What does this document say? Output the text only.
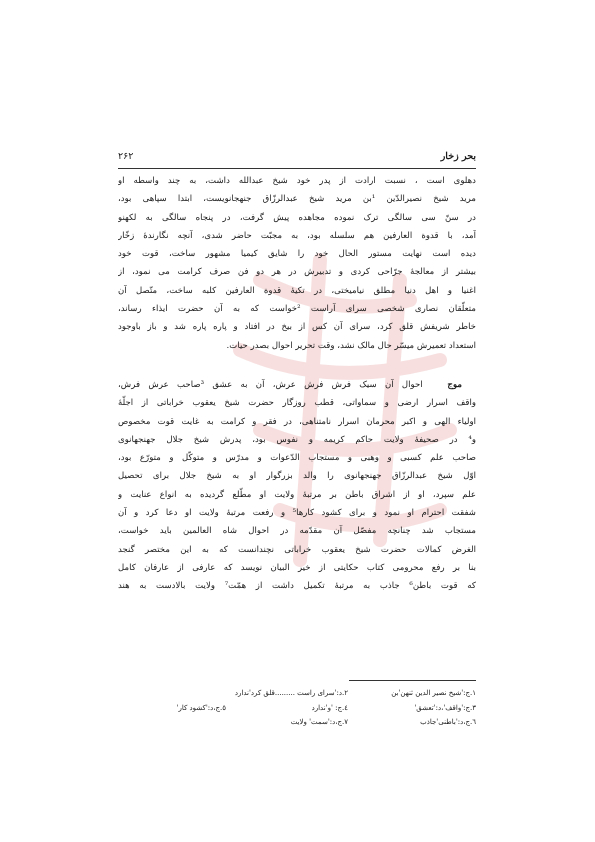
بحر زخار
۲۶۲
دهلوی است ، نسبت ارادت از پدر خود شیخ عبدالله داشت، به چند واسطه او
مرید شیخ نصیرالدّین ¹بن مرید شیخ عبدالرزّاق جنهجانویست، ابتدا سپاهی بود،
در سنّ سی سالگی ترک نموده مجاهده پیش گرفت، در پنجاه سالگی به لکهنو
آمد، با قدوة العارفین هم سلسله بود، به مجبّت حاضر شدی، آنچه نگارندهٔ زخّار
دیده است نهایت مستور الحال خود را شایق کیمیا مشهور ساخت، قوت خود
بیشتر از معالجهٔ جرّاحی کردی و تدبیرش در هر دو فن صرف کرامت می نمود، از
اغنیا و اهل دنیا مطلق نیامیختی، در تکیهٔ قدوة العارفین کلبه ساخت، متّصل آن
متعلّقان نصاری شخصی سرای آراست ²خواست که به آن حضرت ایذاء رساند،
خاطر شریفش قلق کرد، سرای آن کس از بیخ در افتاد و پاره پاره شد و باز باوجود
استعداد تعمیرش میسّر حال مالک نشد، وقت تحریر احوال بصدر حیات.
موج   احوال آن سیک فرش فرش عرش، آن به عشق ³صاحب عرش فرش،
واقف اسرار ارضی و سماواتی، قطب روزگار حضرت شیخ یعقوب خراباتی از اجلّهٔ
اولیاء الهی و اکبر محرمان اسرار نامتناهی، در فقر و کرامت به غایت قوت مخصوص
و⁴ در صحیفهٔ ولایت حاکم کریمه و نفوس بود، پدرش شیخ جلال جهنجهانوی
صاحب علم کسبی و وهبی و مستجاب الدّعوات و مدرّس و متوکّل و متورّع بود،
اوّل شیخ عبدالرزّاق جهنجهانوی را والد بزرگوار او به شیخ جلال برای تحصیل
علم سپرد، او از اشراق باطن بر مرتبهٔ ولایت او مطّلع گردیده به انواع عنایت و
شفقت احترام او نمود و برای کشود کارها⁵ و رفعت مرتبهٔ ولایت او دعا کرد و آن
مستجاب شد چنانچه مفصّل آن مقدّمه در احوال شاه العالمین باید خواست،
الغرض کمالات حضرت شیخ یعقوب خراباتی نچندانست که به این مختصر گنجد
بنا بر رفع محرومی کتاب حکایتی از خیر البیان نویسد که عارفی از عارفان کامل
که قوت باطن⁶ جاذب به مرتبهٔ تکمیل داشت از همّت⁷ ولایت بالادست به هند
۱.ج:'شیخ نصیر الدین ثنهن'بن
۲.د:'سرای راست .........قلق کرد'ندارد
۳.ج:'واقف'،د:'تعشق'
٤.ج: 'و'ندارد
٥.ج،د:'کشود کار'
٦.ج،د:'باطنی'جاذب
۷.ج،د:'سمت' ولایت
